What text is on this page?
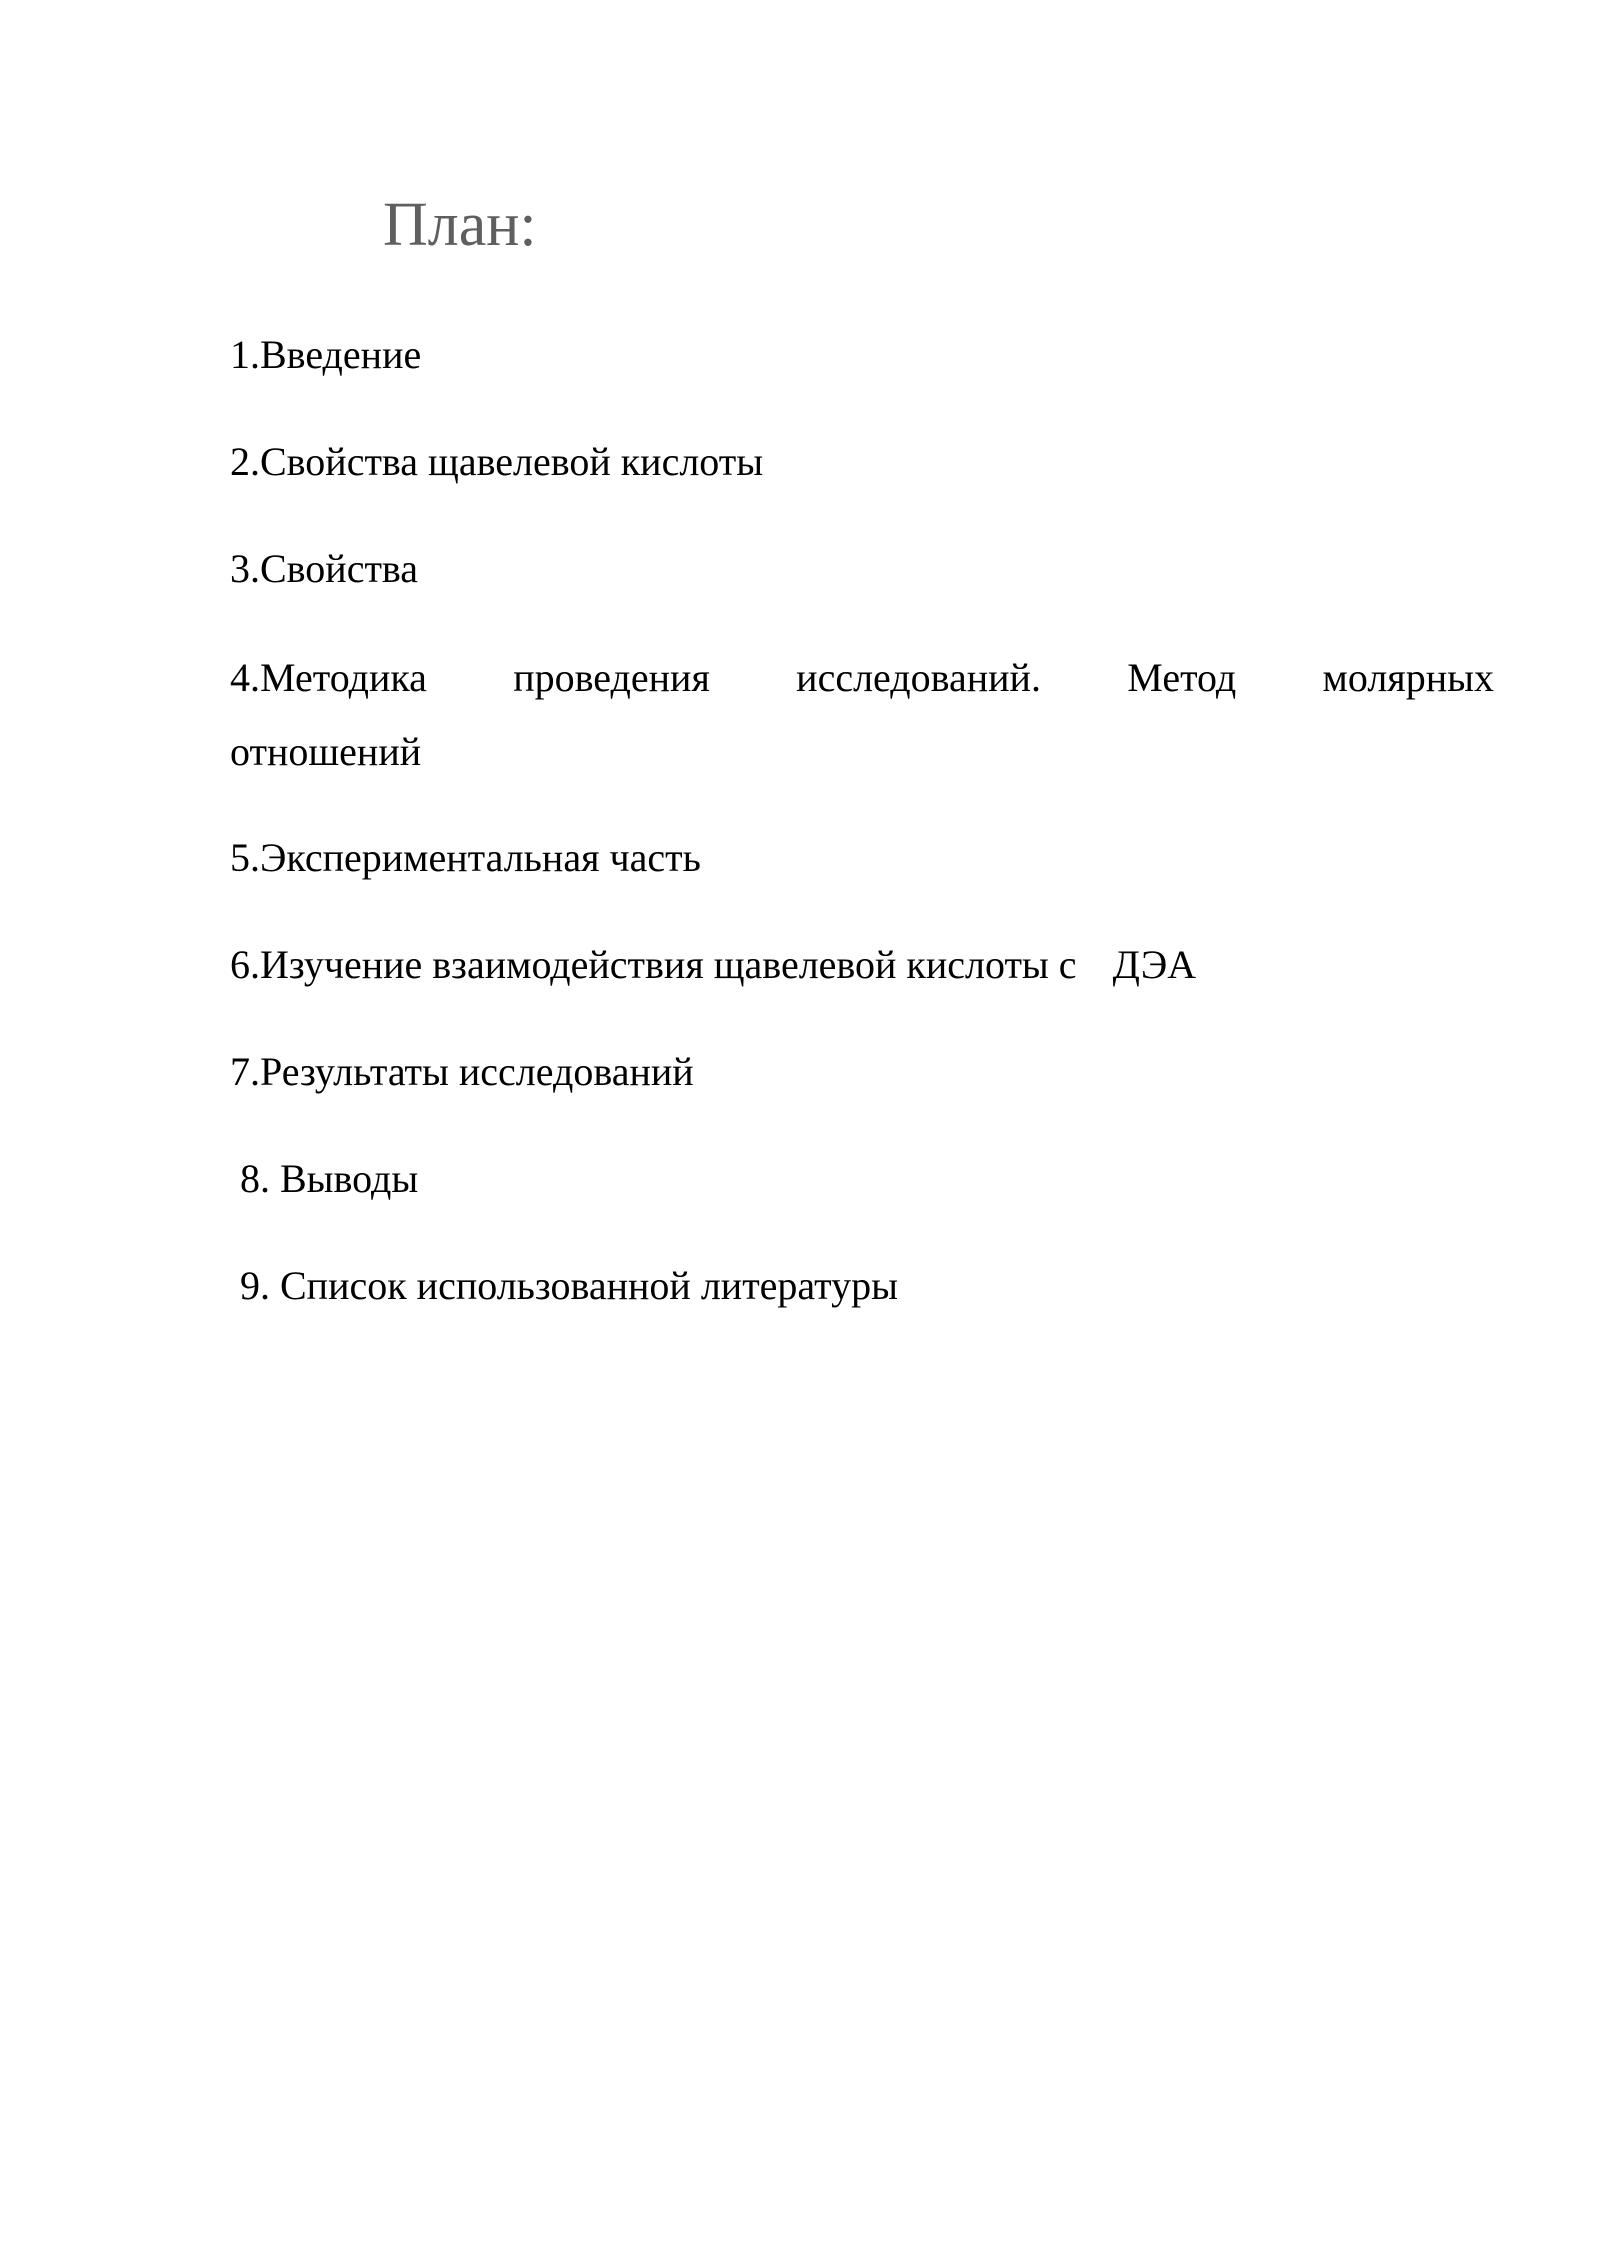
План:
1.Введение
2.Свойства щавелевой кислоты
3.Свойства
4.Методика проведения исследований. Метод молярных
отношений
5.Экспериментальная часть
6.Изучение взаимодействия щавелевой кислоты с ДЭА
7.Результаты исследований
8. Выводы
9. Список использованной литературы
